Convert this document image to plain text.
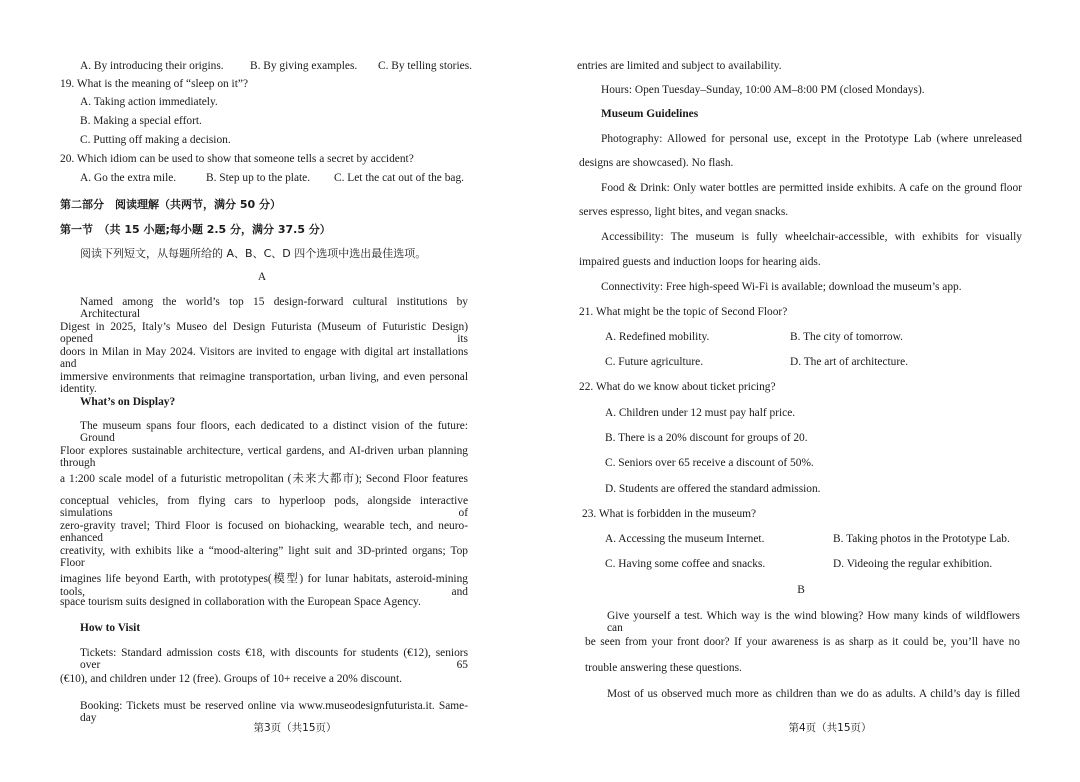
A. By introducing their origins. B. By giving examples. C. By telling stories.
19. What is the meaning of “sleep on it”?
A. Taking action immediately.
B. Making a special effort.
C. Putting off making a decision.
20. Which idiom can be used to show that someone tells a secret by accident?
A. Go the extra mile.	B. Step up to the plate. C. Let the cat out of the bag.
第二部分　阅读理解（共两节，满分 50 分）
第一节　（共 15 小题;每小题 2.5 分，满分 37.5 分）
阅读下列短文，从每题所给的 A、B、C、D 四个选项中选出最佳选项。
A
Named among the world’s top 15 design-forward cultural institutions by Architectural
Digest in 2025, Italy’s Museo del Design Futurista (Museum of Futuristic Design) opened its
doors in Milan in May 2024. Visitors are invited to engage with digital art installations and
immersive environments that reimagine transportation, urban living, and even personal identity.
What’s on Display?
The museum spans four floors, each dedicated to a distinct vision of the future: Ground
Floor explores sustainable architecture, vertical gardens, and AI-driven urban planning through
a 1:200 scale model of a futuristic metropolitan (未来大都市); Second Floor features
conceptual vehicles, from flying cars to hyperloop pods, alongside interactive simulations of
zero-gravity travel; Third Floor is focused on biohacking, wearable tech, and neuro-enhanced
creativity, with exhibits like a “mood-altering” light suit and 3D-printed organs; Top Floor
imagines life beyond Earth, with prototypes(模型) for lunar habitats, asteroid-mining tools, and
space tourism suits designed in collaboration with the European Space Agency.
How to Visit
Tickets: Standard admission costs €18, with discounts for students (€12), seniors over 65
(€10), and children under 12 (free). Groups of 10+ receive a 20% discount.
Booking: Tickets must be reserved online via www.museodesignfuturista.it. Same-day
第3页（共15页）
entries are limited and subject to availability.
Hours: Open Tuesday–Sunday, 10:00 AM–8:00 PM (closed Mondays).
Museum Guidelines
Photography: Allowed for personal use, except in the Prototype Lab (where unreleased
designs are showcased). No flash.
Food & Drink: Only water bottles are permitted inside exhibits. A cafe on the ground floor
serves espresso, light bites, and vegan snacks.
Accessibility: The museum is fully wheelchair-accessible, with exhibits for visually
impaired guests and induction loops for hearing aids.
Connectivity: Free high-speed Wi-Fi is available; download the museum’s app.
21. What might be the topic of Second Floor?
A. Redefined mobility.	B. The city of tomorrow.
C. Future agriculture.	D. The art of architecture.
22. What do we know about ticket pricing?
A. Children under 12 must pay half price.
B. There is a 20% discount for groups of 20.
C. Seniors over 65 receive a discount of 50%.
D. Students are offered the standard admission.
23. What is forbidden in the museum?
A. Accessing the museum Internet.	B. Taking photos in the Prototype Lab.
C. Having some coffee and snacks.	D. Videoing the regular exhibition.
B
Give yourself a test. Which way is the wind blowing? How many kinds of wildflowers can
be seen from your front door? If your awareness is as sharp as it could be, you’ll have no
trouble answering these questions.
Most of us observed much more as children than we do as adults. A child’s day is filled
第4页（共15页）
